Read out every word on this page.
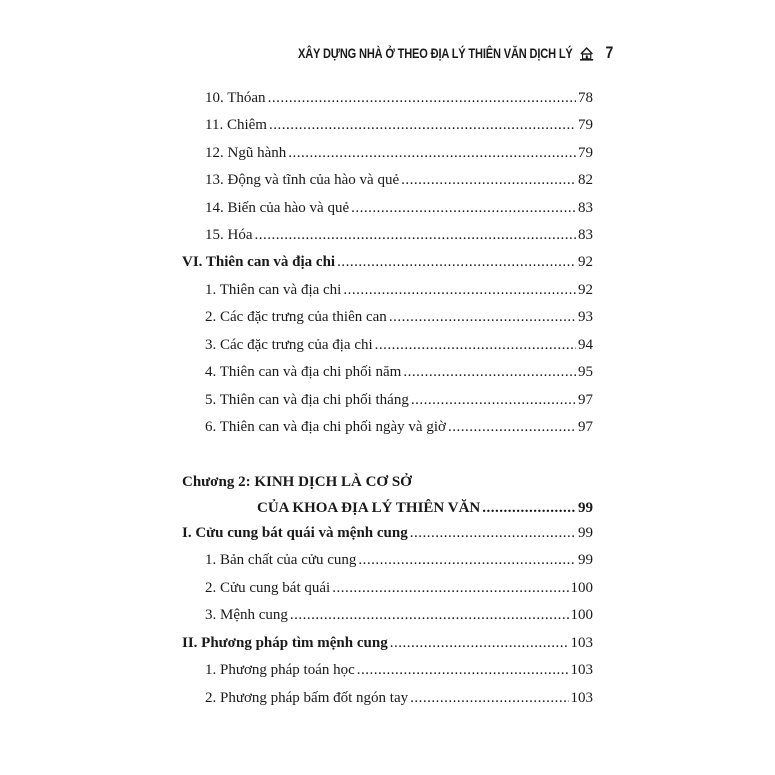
XÂY DỰNG NHÀ Ở THEO ĐỊA LÝ THIÊN VĂN DỊCH LÝ 7
10. Thóan .....	78
11. Chiêm .....	79
12. Ngũ hành .....	79
13. Động và tĩnh của hào và quẻ .....	82
14. Biến của hào và quẻ .....	83
15. Hóa .....	83
VI. Thiên can và địa chi .....	92
1. Thiên can và địa chi .....	92
2. Các đặc trưng của thiên can .....	93
3. Các đặc trưng của địa chi .....	94
4. Thiên can và địa chi phối năm .....	95
5. Thiên can và địa chi phối tháng .....	97
6. Thiên can và địa chi phối ngày và giờ .....	97
Chương 2: KINH DỊCH LÀ CƠ SỞ
CỦA KHOA ĐỊA LÝ THIÊN VĂN .....	99
I. Cửu cung bát quái và mệnh cung .....	99
1. Bản chất của cửu cung .....	99
2. Cửu cung bát quái .....	100
3. Mệnh cung .....	100
II. Phương pháp tìm mệnh cung .....	103
1. Phương pháp toán học .....	103
2. Phương pháp bấm đốt ngón tay .....	103
